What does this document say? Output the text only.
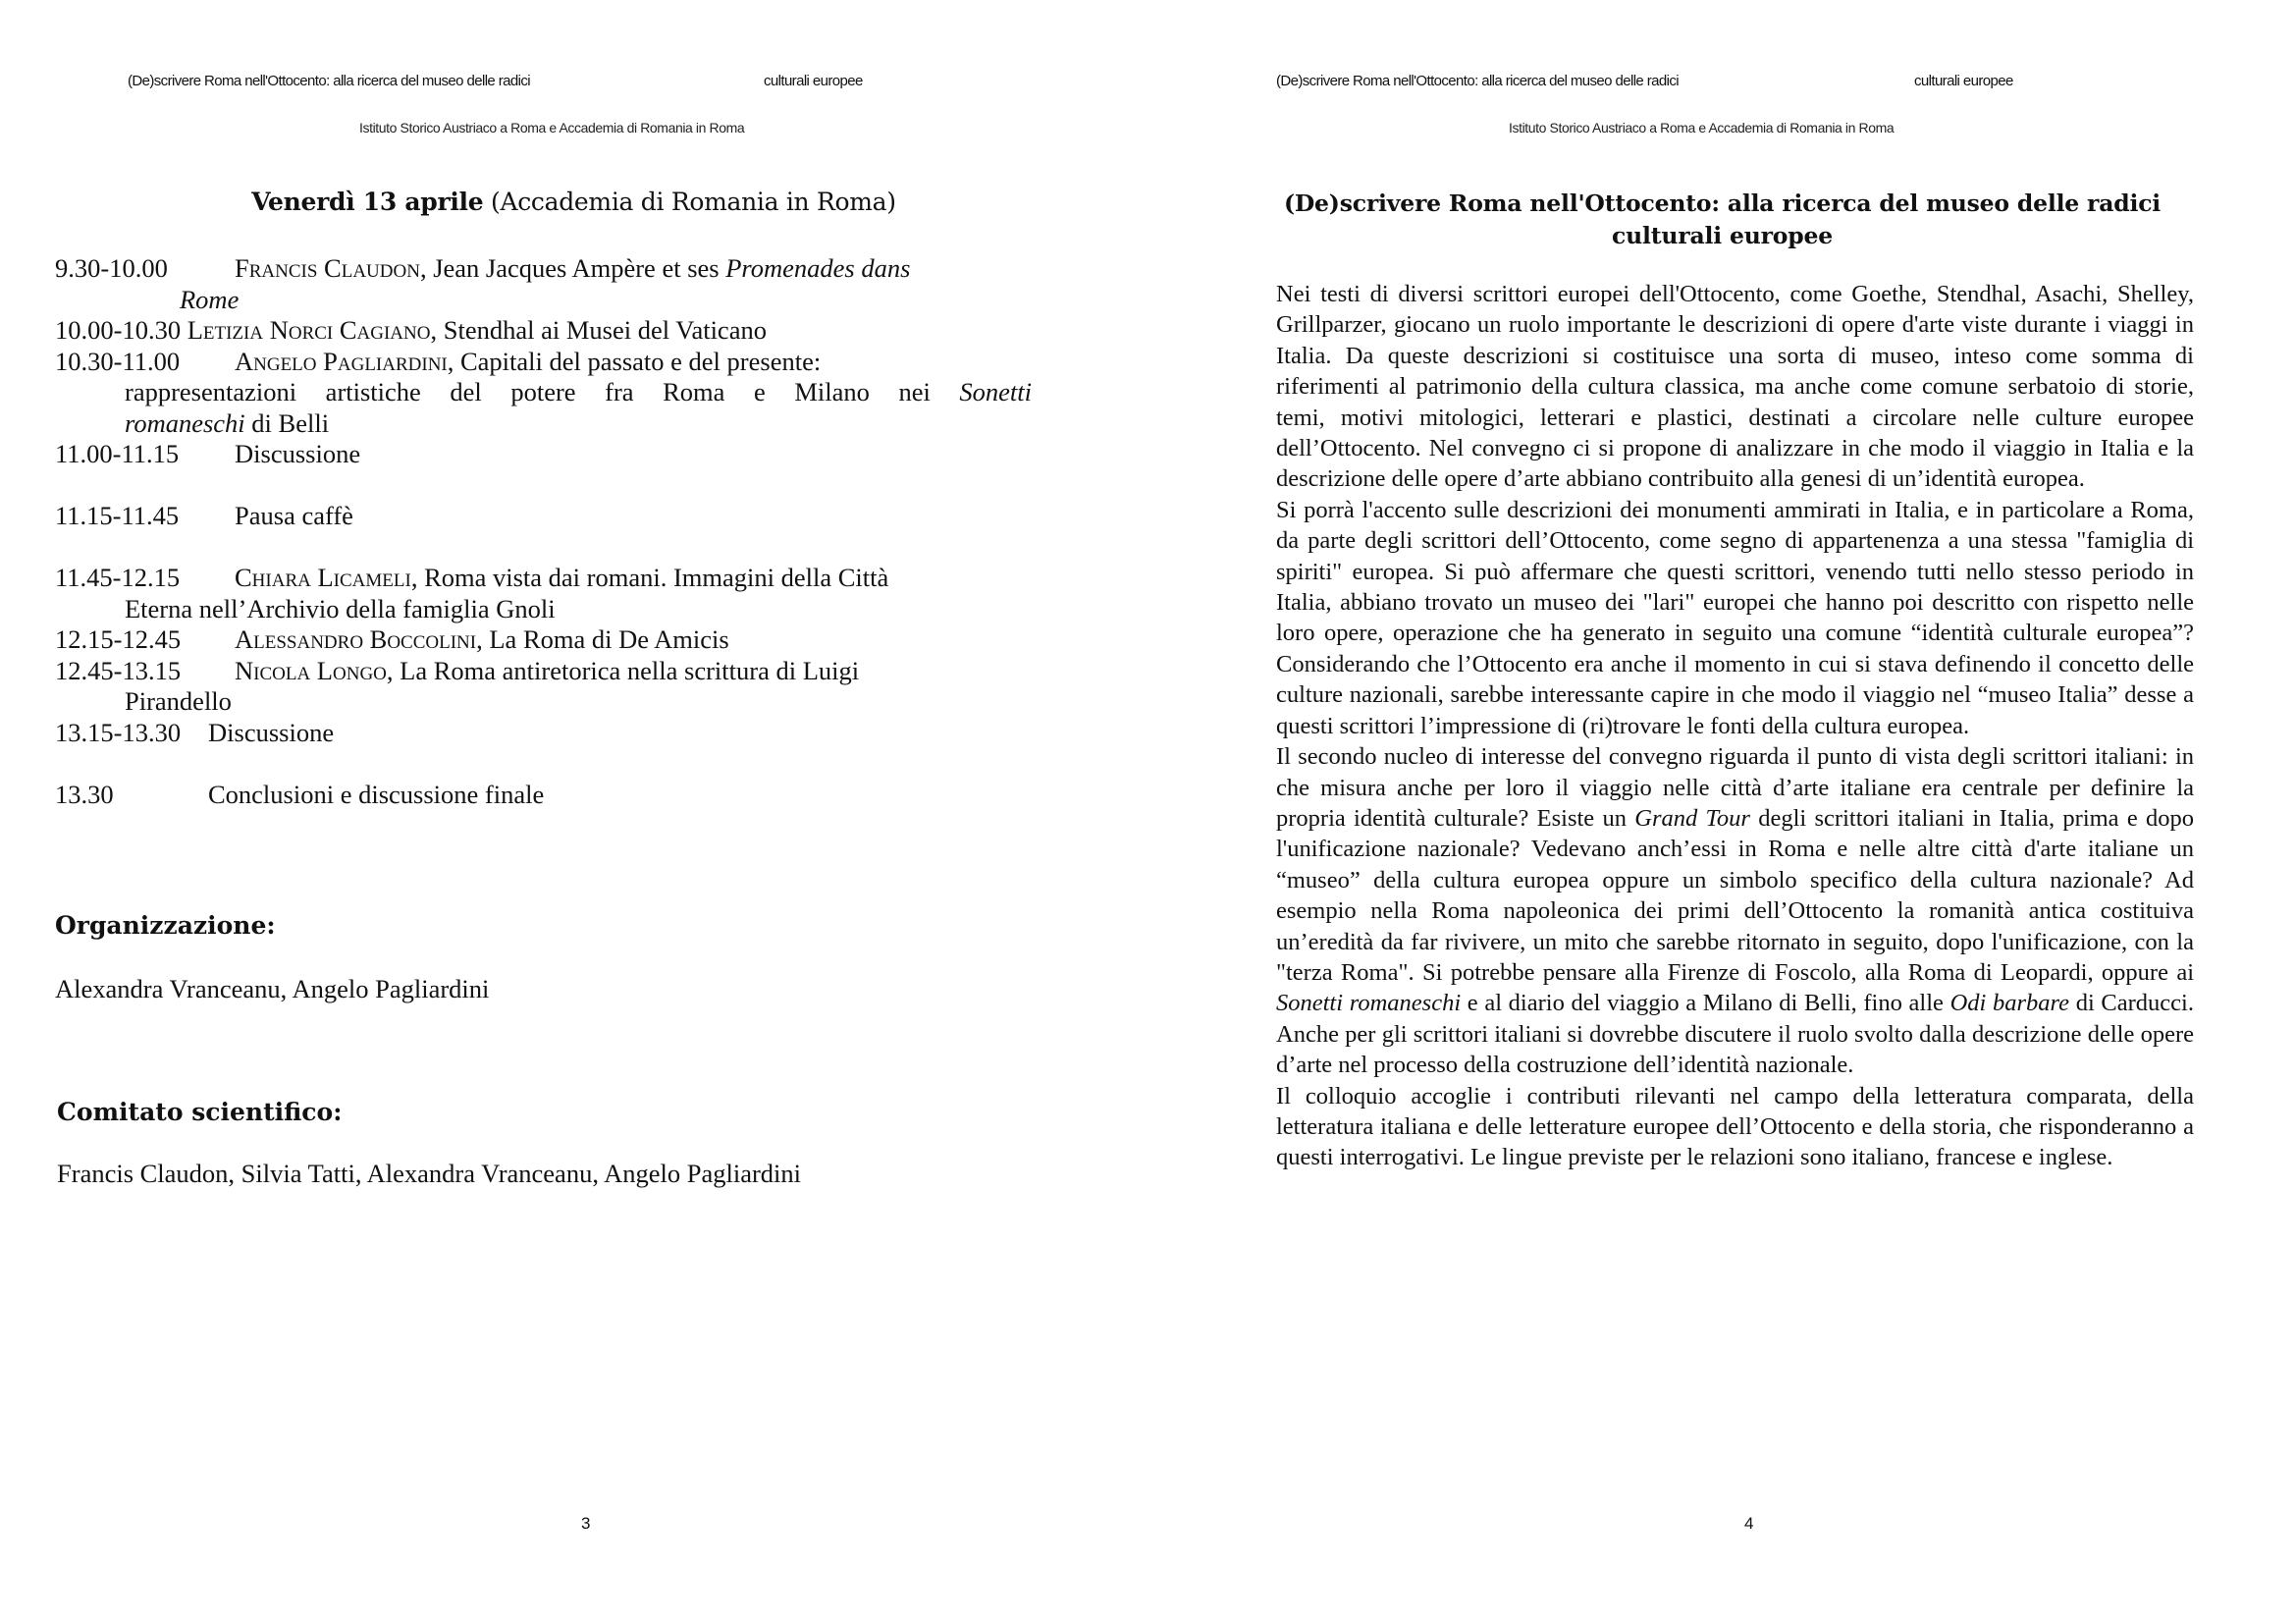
(De)scrivere Roma nell'Ottocento: alla ricerca del museo delle radici	culturali europee
Istituto Storico Austriaco a Roma e Accademia di Romania in Roma
Venerdì 13 aprile (Accademia di Romania in Roma)
9.30-10.00	Francis Claudon, Jean Jacques Ampère et ses Promenades dans
Rome
10.00-10.30 Letizia Norci Cagiano, Stendhal ai Musei del Vaticano
10.30-11.00	Angelo Pagliardini, Capitali del passato e del presente:
rappresentazioni artistiche del potere fra Roma e Milano nei Sonetti
romaneschi di Belli
11.00-11.15	Discussione
11.15-11.45	Pausa caffè
11.45-12.15	Chiara Licameli, Roma vista dai romani. Immagini della Città
Eterna nell’Archivio della famiglia Gnoli
12.15-12.45	Alessandro Boccolini, La Roma di De Amicis
12.45-13.15	Nicola Longo, La Roma antiretorica nella scrittura di Luigi
Pirandello
13.15-13.30	Discussione
13.30	Conclusioni e discussione finale
Organizzazione:
Alexandra Vranceanu, Angelo Pagliardini
Comitato scientifico:
Francis Claudon, Silvia Tatti, Alexandra Vranceanu, Angelo Pagliardini
3
(De)scrivere Roma nell'Ottocento: alla ricerca del museo delle radici	culturali europee
Istituto Storico Austriaco a Roma e Accademia di Romania in Roma
(De)scrivere Roma nell'Ottocento: alla ricerca del museo delle radici
culturali europee

Nei testi di diversi scrittori europei dell'Ottocento, come Goethe, Stendhal, Asachi, Shelley, Grillparzer, giocano un ruolo importante le descrizioni di opere d'arte viste durante i viaggi in Italia. Da queste descrizioni si costituisce una sorta di museo, inteso come somma di riferimenti al patrimonio della cultura classica, ma anche come comune serbatoio di storie, temi, motivi mitologici, letterari e plastici, destinati a circolare nelle culture europee dell’Ottocento. Nel convegno ci si propone di analizzare in che modo il viaggio in Italia e la descrizione delle opere d’arte abbiano contribuito alla genesi di un’identità europea.

Si porrà l'accento sulle descrizioni dei monumenti ammirati in Italia, e in particolare a Roma, da parte degli scrittori dell’Ottocento, come segno di appartenenza a una stessa "famiglia di spiriti" europea. Si può affermare che questi scrittori, venendo tutti nello stesso periodo in Italia, abbiano trovato un museo dei "lari" europei che hanno poi descritto con rispetto nelle loro opere, operazione che ha generato in seguito una comune “identità culturale europea”? Considerando che l’Ottocento era anche il momento in cui si stava definendo il concetto delle culture nazionali, sarebbe interessante capire in che modo il viaggio nel “museo Italia” desse a questi scrittori l’impressione di (ri)trovare le fonti della cultura europea.

Il secondo nucleo di interesse del convegno riguarda il punto di vista degli scrittori italiani: in che misura anche per loro il viaggio nelle città d’arte italiane era centrale per definire la propria identità culturale? Esiste un Grand Tour degli scrittori italiani in Italia, prima e dopo l'unificazione nazionale? Vedevano anch’essi in Roma e nelle altre città d'arte italiane un “museo” della cultura europea oppure un simbolo specifico della cultura nazionale? Ad esempio nella Roma napoleonica dei primi dell’Ottocento la romanità antica costituiva un’eredità da far rivivere, un mito che sarebbe ritornato in seguito, dopo l'unificazione, con la "terza Roma". Si potrebbe pensare alla Firenze di Foscolo, alla Roma di Leopardi, oppure ai Sonetti romaneschi e al diario del viaggio a Milano di Belli, fino alle Odi barbare di Carducci. Anche per gli scrittori italiani si dovrebbe discutere il ruolo svolto dalla descrizione delle opere d’arte nel processo della costruzione dell’identità nazionale.

Il colloquio accoglie i contributi rilevanti nel campo della letteratura comparata, della letteratura italiana e delle letterature europee dell’Ottocento e della storia, che risponderanno a questi interrogativi. Le lingue previste per le relazioni sono italiano, francese e inglese.

4
